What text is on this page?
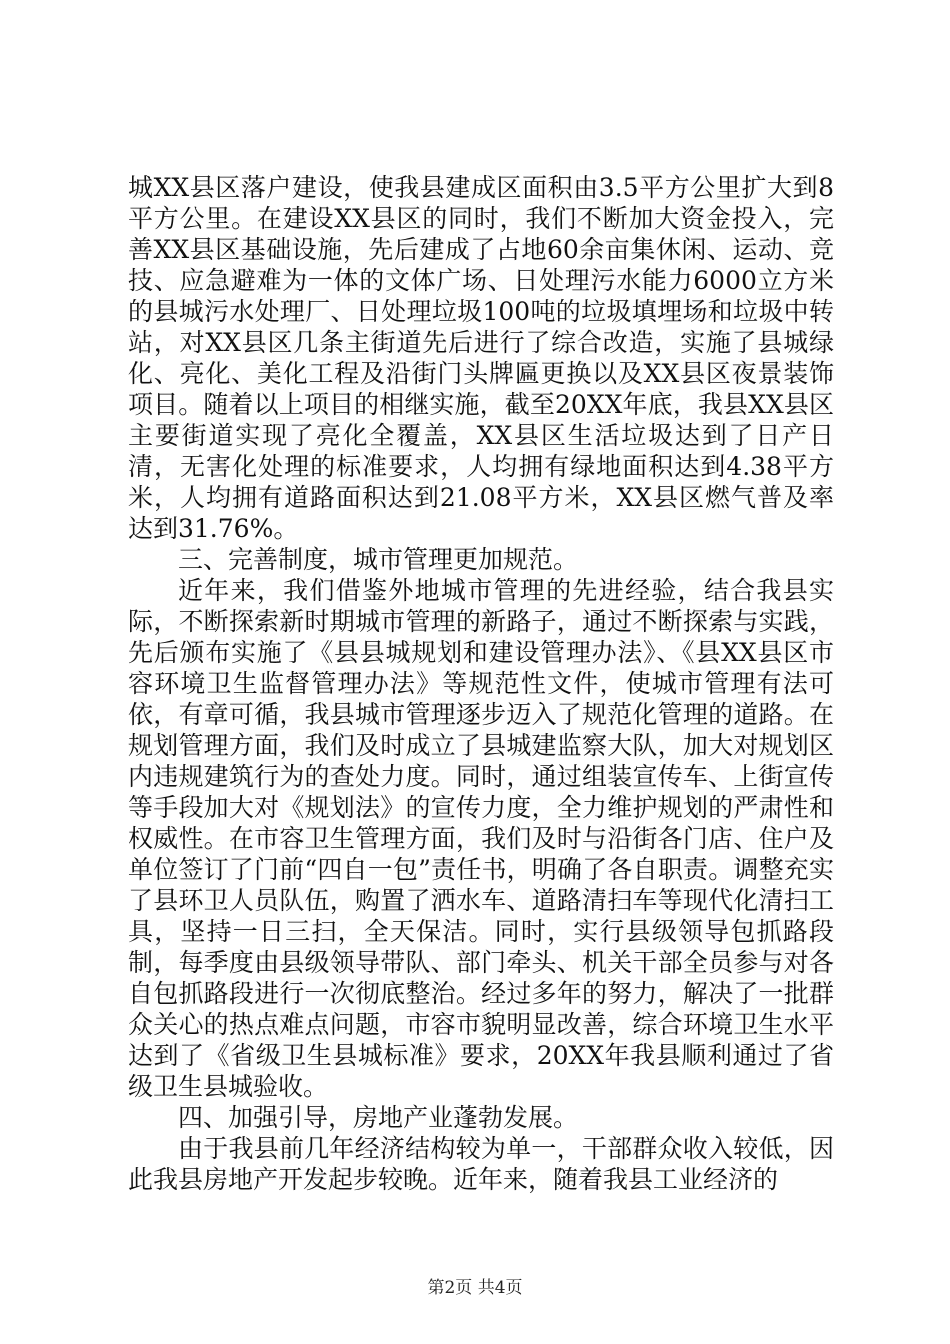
城XX县区落户建设，使我县建成区面积由3.5平方公里扩大到8平方公里。在建设XX县区的同时，我们不断加大资金投入，完善XX县区基础设施，先后建成了占地60余亩集休闲、运动、竞技、应急避难为一体的文体广场、日处理污水能力6000立方米的县城污水处理厂、日处理垃圾100吨的垃圾填埋场和垃圾中转站，对XX县区几条主街道先后进行了综合改造，实施了县城绿化、亮化、美化工程及沿街门头牌匾更换以及XX县区夜景装饰项目。随着以上项目的相继实施，截至20XX年底，我县XX县区主要街道实现了亮化全覆盖，XX县区生活垃圾达到了日产日清，无害化处理的标准要求，人均拥有绿地面积达到4.38平方米，人均拥有道路面积达到21.08平方米，XX县区燃气普及率达到31.76%。

三、完善制度，城市管理更加规范。

近年来，我们借鉴外地城市管理的先进经验，结合我县实际，不断探索新时期城市管理的新路子，通过不断探索与实践，先后颁布实施了《县县城规划和建设管理办法》、《县XX县区市容环境卫生监督管理办法》等规范性文件，使城市管理有法可依，有章可循，我县城市管理逐步迈入了规范化管理的道路。在规划管理方面，我们及时成立了县城建监察大队，加大对规划区内违规建筑行为的查处力度。同时，通过组装宣传车、上街宣传等手段加大对《规划法》的宣传力度，全力维护规划的严肃性和权威性。在市容卫生管理方面，我们及时与沿街各门店、住户及单位签订了门前“四自一包”责任书，明确了各自职责。调整充实了县环卫人员队伍，购置了洒水车、道路清扫车等现代化清扫工具，坚持一日三扫，全天保洁。同时，实行县级领导包抓路段制，每季度由县级领导带队、部门牵头、机关干部全员参与对各自包抓路段进行一次彻底整治。经过多年的努力，解决了一批群众关心的热点难点问题，市容市貌明显改善，综合环境卫生水平达到了《省级卫生县城标准》要求，20XX年我县顺利通过了省级卫生县城验收。

四、加强引导，房地产业蓬勃发展。

由于我县前几年经济结构较为单一，干部群众收入较低，因此我县房地产开发起步较晚。近年来，随着我县工业经济的

第2页 共4页
